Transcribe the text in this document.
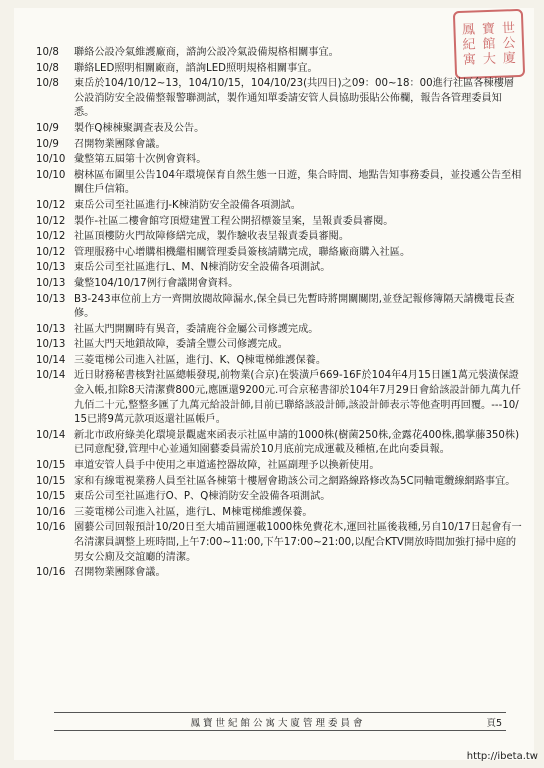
鳳 寶 世
紀 館 公
寓 大 廈
10/8	聯絡公設冷氣維護廠商，諮詢公設冷氣設備規格相關事宜。
10/8	聯絡LED照明相關廠商，諮詢LED照明規格相關事宜。
10/8	東岳於104/10/12~13，104/10/15，104/10/23(共四日)之09：00~18：00進行社區各棟樓層公設消防安全設備整報警聯測試，製作通知單委請安管人員協助張貼公佈欄，報告各管理委員知悉。
10/9	製作Q棟棟聚調查表及公告。
10/9	召開物業團隊會議。
10/10 彙整第五屆第十次例會資料。
10/10 樹林區布圍里公告104年環境保育自然生態一日遊，集合時間、地點告知事務委員，並投遞公告至相關住戶信箱。
10/12 東岳公司至社區進行J-K棟消防安全設備各項測試。
10/12 製作-社區二樓會館穹頂燈建置工程公開招標簽呈案，呈報責委員審閱。
10/12 社區頂樓防火門故障修繕完成，製作驗收表呈報責委員審閱。
10/12 管理服務中心增購相機繼相關管理委員簽核請購完成，聯絡廠商購入社區。
10/13 東岳公司至社區進行L、M、N棟消防安全設備各項測試。
10/13 彙整104/10/17例行會議開會資料。
10/13 B3-243車位前上方一齊開放閥故障漏水,保全員已先暫時將開關關閉,並登記報修簿隔天請機電長查修。
10/13 社區大門開關時有異音，委請鹿谷金屬公司修護完成。
10/13 社區大門天地鎖故障，委請全豐公司修護完成。
10/14 三菱電梯公司進入社區，進行J、K、Q棟電梯維護保養。
10/14 近日財務秘書核對社區總帳發現,前物業(合京)在裝潢戶669-16F於104年4月15日匯1萬元裝潢保證金入帳,扣除8天清潔費800元,應匯還9200元.可合京秘書卻於104年7月29日會給該設計師九萬九仟九佰二十元,整整多匯了九萬元給設計師,目前已聯絡該設計師,該設計師表示等他查明再回覆。---10/15已將9萬元款項返還社區帳戶。
10/14 新北市政府綠美化環境景觀處來函表示社區申請的1000株(樹菌250株,金露花400株,鵝掌藤350株)已同意配發,管理中心並通知園藝委員需於10月底前完成運載及種植,在此向委員報。
10/15 車道安管人員手中使用之車道遙控器故障，社區副理予以換新使用。
10/15 家和有線電視業務人員至社區各棟第十樓層會勘該公司之網路線路修改為5C同軸電纜線網路事宜。
10/15 東岳公司至社區進行O、P、Q棟消防安全設備各項測試。
10/16 三菱電梯公司進入社區，進行L、M棟電梯維護保養。
10/16 園藝公司回報預計10/20日至大埔苗圃運載1000株免費花木,運回社區後栽種,另自10/17日起會有一名清潔員調整上班時間,上午7:00~11:00,下午17:00~21:00,以配合KTV開放時間加強打掃中庭的男女公廁及交誼廳的清潔。
10/16 召開物業團隊會議。
鳳寶世紀館公寓大廈管理委員會	頁5
http://ibeta.tw
